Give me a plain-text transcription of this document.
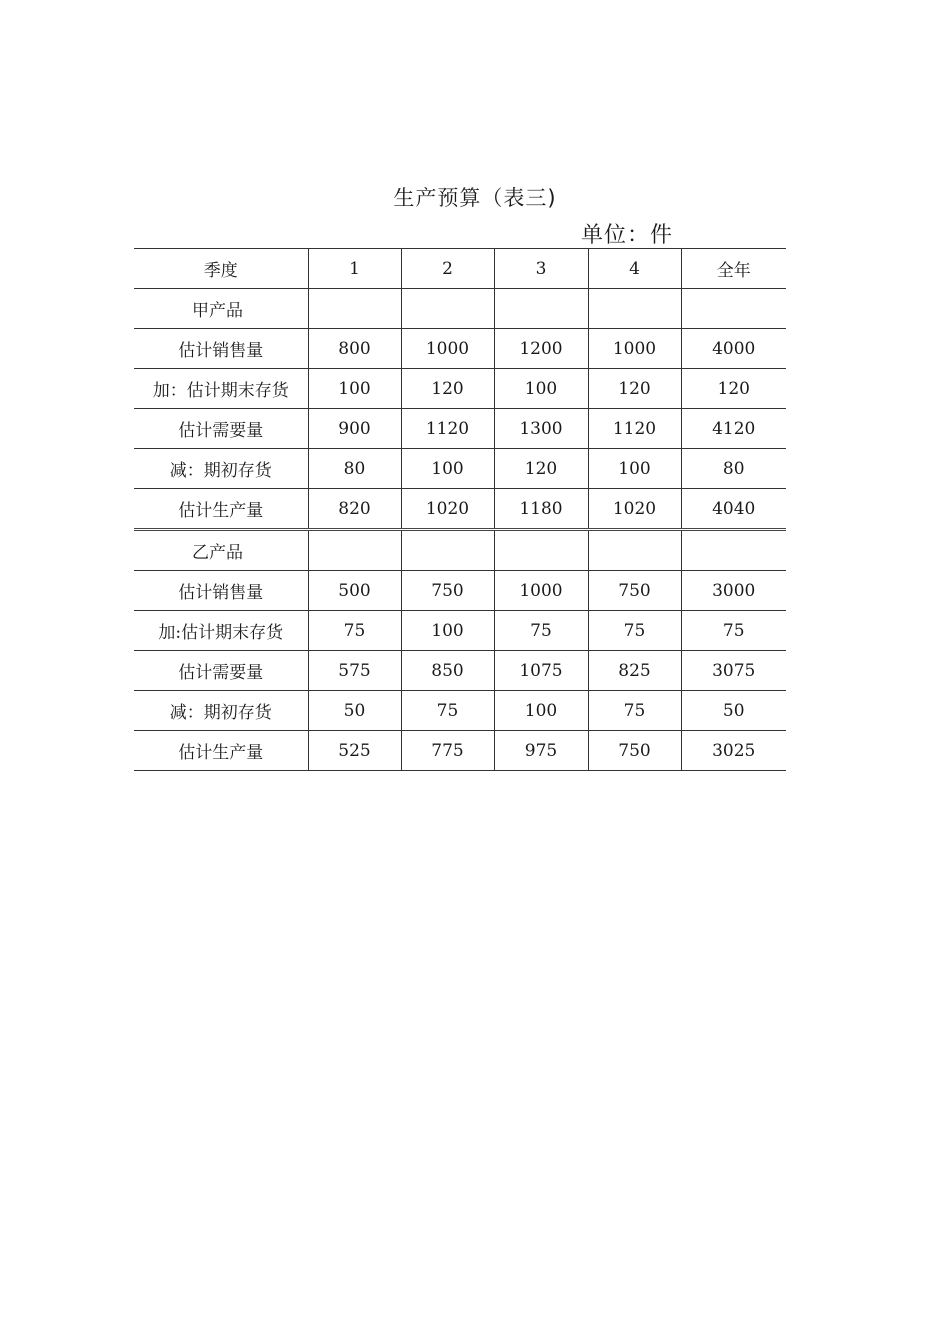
生产预算（表三)
单位：件
季度	1	2	3	4	全年
甲产品					
估计销售量	800	1000	1200	1000	4000
加：估计期末存货	100	120	100	120	120
估计需要量	900	1120	1300	1120	4120
减：期初存货	80	100	120	100	80
估计生产量	820	1020	1180	1020	4040
乙产品					
估计销售量	500	750	1000	750	3000
加:估计期末存货	75	100	75	75	75
估计需要量	575	850	1075	825	3075
减：期初存货	50	75	100	75	50
估计生产量	525	775	975	750	3025
